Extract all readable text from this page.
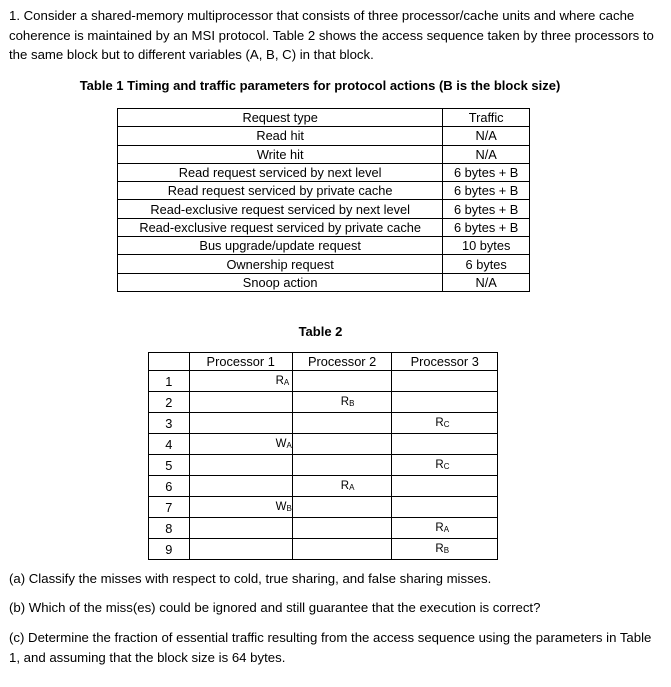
1. Consider a shared-memory multiprocessor that consists of three processor/cache units and where cache coherence is maintained by an MSI protocol. Table 2 shows the access sequence taken by three processors to the same block but to different variables (A, B, C) in that block.
Table 1 Timing and traffic parameters for protocol actions (B is the block size)
Request type	Traffic
Read hit	N/A
Write hit	N/A
Read request serviced by next level	6 bytes + B
Read request serviced by private cache	6 bytes + B
Read-exclusive request serviced by next level	6 bytes + B
Read-exclusive request serviced by private cache	6 bytes + B
Bus upgrade/update request	10 bytes
Ownership request	6 bytes
Snoop action	N/A
Table 2
	Processor 1	Processor 2	Processor 3
1	$R_A$		
2		$R_B$	
3			$R_C$
4	$W_A$		
5			$R_C$
6		$R_A$	
7	$W_B$		
8			$R_A$
9			$R_B$
(a) Classify the misses with respect to cold, true sharing, and false sharing misses.
(b) Which of the miss(es) could be ignored and still guarantee that the execution is correct?
(c) Determine the fraction of essential traffic resulting from the access sequence using the parameters in Table 1, and assuming that the block size is 64 bytes.
